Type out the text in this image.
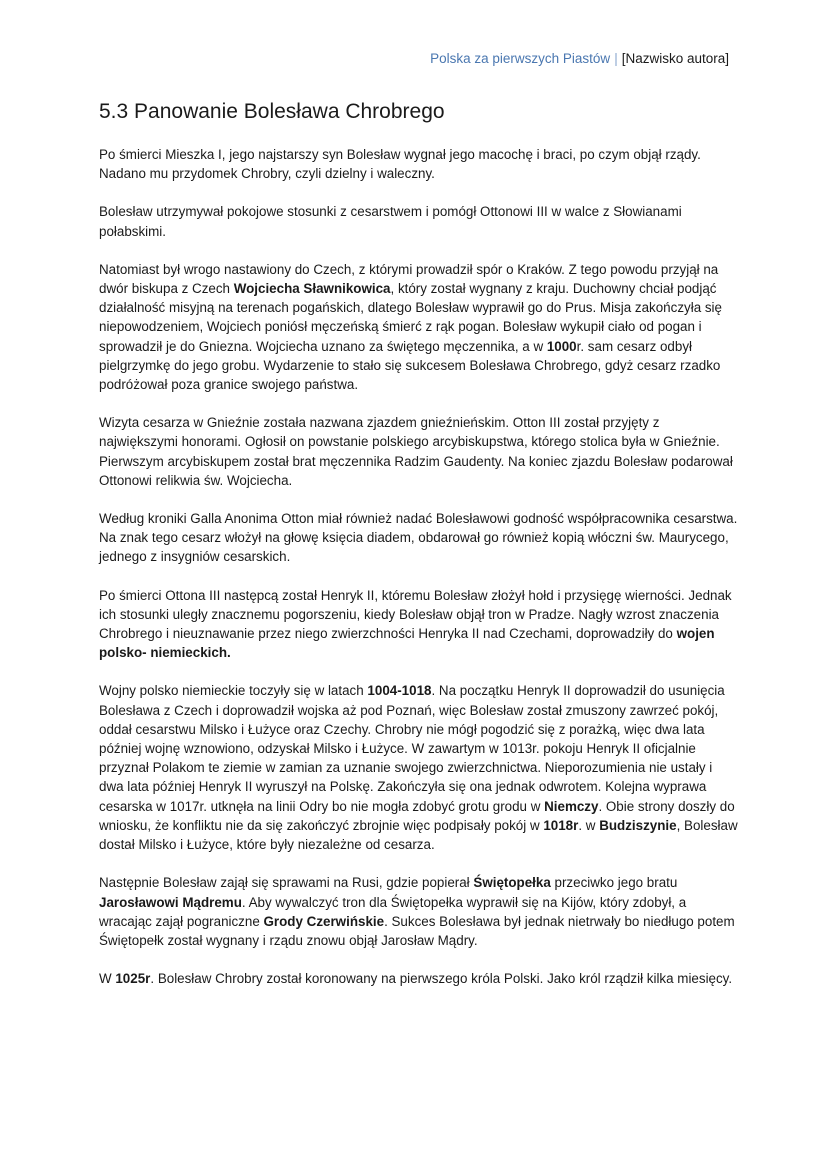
Polska za pierwszych Piastów | [Nazwisko autora]
5.3 Panowanie Bolesława Chrobrego

Po śmierci Mieszka I, jego najstarszy syn Bolesław wygnał jego macochę i braci, po czym objął rządy. Nadano mu przydomek Chrobry, czyli dzielny i waleczny.

Bolesław utrzymywał pokojowe stosunki z cesarstwem i pomógł Ottonowi III w walce z Słowianami połabskimi.

Natomiast był wrogo nastawiony do Czech, z którymi prowadził spór o Kraków. Z tego powodu przyjął na dwór biskupa z Czech Wojciecha Sławnikowica, który został wygnany z kraju. Duchowny chciał podjąć działalność misyjną na terenach pogańskich, dlatego Bolesław wyprawił go do Prus. Misja zakończyła się niepowodzeniem, Wojciech poniósł męczeńską śmierć z rąk pogan. Bolesław wykupił ciało od pogan i sprowadził je do Gniezna. Wojciecha uznano za świętego męczennika, a w 1000r. sam cesarz odbył pielgrzymkę do jego grobu. Wydarzenie to stało się sukcesem Bolesława Chrobrego, gdyż cesarz rzadko podróżował poza granice swojego państwa.

Wizyta cesarza w Gnieźnie została nazwana zjazdem gnieźnieńskim. Otton III został przyjęty z największymi honorami. Ogłosił on powstanie polskiego arcybiskupstwa, którego stolica była w Gnieźnie. Pierwszym arcybiskupem został brat męczennika Radzim Gaudenty. Na koniec zjazdu Bolesław podarował Ottonowi relikwia św. Wojciecha.

Według kroniki Galla Anonima Otton miał również nadać Bolesławowi godność współpracownika cesarstwa. Na znak tego cesarz włożył na głowę księcia diadem, obdarował go również kopią włóczni św. Maurycego, jednego z insygniów cesarskich.

Po śmierci Ottona III następcą został Henryk II, któremu Bolesław złożył hołd i przysięgę wierności. Jednak ich stosunki uległy znacznemu pogorszeniu, kiedy Bolesław objął tron w Pradze. Nagły wzrost znaczenia Chrobrego i nieuznawanie przez niego zwierzchności Henryka II nad Czechami, doprowadziły do wojen polsko- niemieckich.

Wojny polsko niemieckie toczyły się w latach 1004-1018. Na początku Henryk II doprowadził do usunięcia Bolesława z Czech i doprowadził wojska aż pod Poznań, więc Bolesław został zmuszony zawrzeć pokój, oddał cesarstwu Milsko i Łużyce oraz Czechy. Chrobry nie mógł pogodzić się z porażką, więc dwa lata później wojnę wznowiono, odzyskał Milsko i Łużyce. W zawartym w 1013r. pokoju Henryk II oficjalnie przyznał Polakom te ziemie w zamian za uznanie swojego zwierzchnictwa. Nieporozumienia nie ustały i dwa lata później Henryk II wyruszył na Polskę. Zakończyła się ona jednak odwrotem. Kolejna wyprawa cesarska w 1017r. utknęła na linii Odry bo nie mogła zdobyć grotu grodu w Niemczy. Obie strony doszły do wniosku, że konfliktu nie da się zakończyć zbrojnie więc podpisały pokój w 1018r. w Budziszynie, Bolesław dostał Milsko i Łużyce, które były niezależne od cesarza.

Następnie Bolesław zajął się sprawami na Rusi, gdzie popierał Świętopełka przeciwko jego bratu Jarosławowi Mądremu. Aby wywalczyć tron dla Świętopełka wyprawił się na Kijów, który zdobył, a wracając zajął pograniczne Grody Czerwińskie. Sukces Bolesława był jednak nietrwały bo niedługo potem Świętopełk został wygnany i rządu znowu objął Jarosław Mądry.

W 1025r. Bolesław Chrobry został koronowany na pierwszego króla Polski. Jako król rządził kilka miesięcy.
